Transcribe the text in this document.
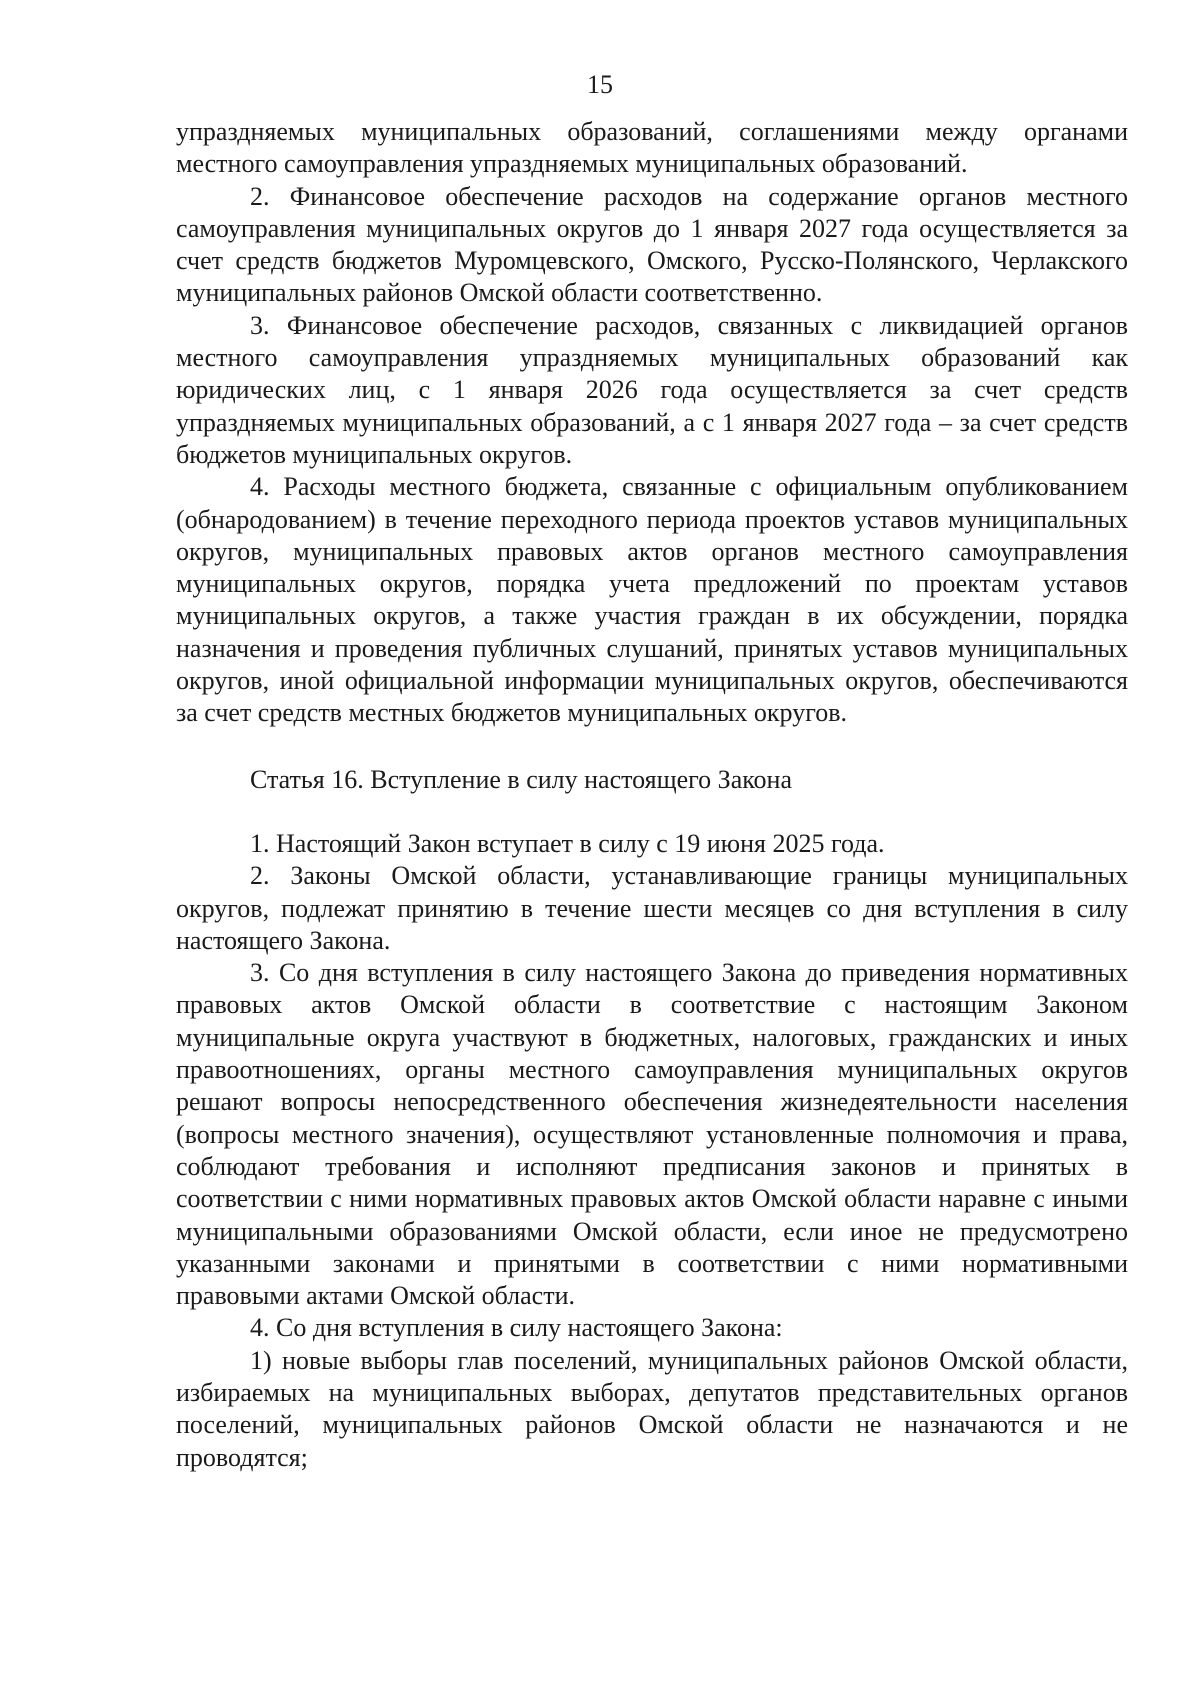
15

упраздняемых муниципальных образований, соглашениями между органами местного самоуправления упраздняемых муниципальных образований.

2. Финансовое обеспечение расходов на содержание органов местного самоуправления муниципальных округов до 1 января 2027 года осуществляется за счет средств бюджетов Муромцевского, Омского, Русско-Полянского, Черлакского муниципальных районов Омской области соответственно.

3. Финансовое обеспечение расходов, связанных с ликвидацией органов местного самоуправления упраздняемых муниципальных образований как юридических лиц, с 1 января 2026 года осуществляется за счет средств упраздняемых муниципальных образований, а с 1 января 2027 года – за счет средств бюджетов муниципальных округов.

4. Расходы местного бюджета, связанные с официальным опубликованием (обнародованием) в течение переходного периода проектов уставов муниципальных округов, муниципальных правовых актов органов местного самоуправления муниципальных округов, порядка учета предложений по проектам уставов муниципальных округов, а также участия граждан в их обсуждении, порядка назначения и проведения публичных слушаний, принятых уставов муниципальных округов, иной официальной информации муниципальных округов, обеспечиваются за счет средств местных бюджетов муниципальных округов.

Статья 16. Вступление в силу настоящего Закона

1. Настоящий Закон вступает в силу с 19 июня 2025 года.

2. Законы Омской области, устанавливающие границы муниципальных округов, подлежат принятию в течение шести месяцев со дня вступления в силу настоящего Закона.

3. Со дня вступления в силу настоящего Закона до приведения нормативных правовых актов Омской области в соответствие с настоящим Законом муниципальные округа участвуют в бюджетных, налоговых, гражданских и иных правоотношениях, органы местного самоуправления муниципальных округов решают вопросы непосредственного обеспечения жизнедеятельности населения (вопросы местного значения), осуществляют установленные полномочия и права, соблюдают требования и исполняют предписания законов и принятых в соответствии с ними нормативных правовых актов Омской области наравне с иными муниципальными образованиями Омской области, если иное не предусмотрено указанными законами и принятыми в соответствии с ними нормативными правовыми актами Омской области.

4. Со дня вступления в силу настоящего Закона:

1) новые выборы глав поселений, муниципальных районов Омской области, избираемых на муниципальных выборах, депутатов представительных органов поселений, муниципальных районов Омской области не назначаются и не проводятся;
